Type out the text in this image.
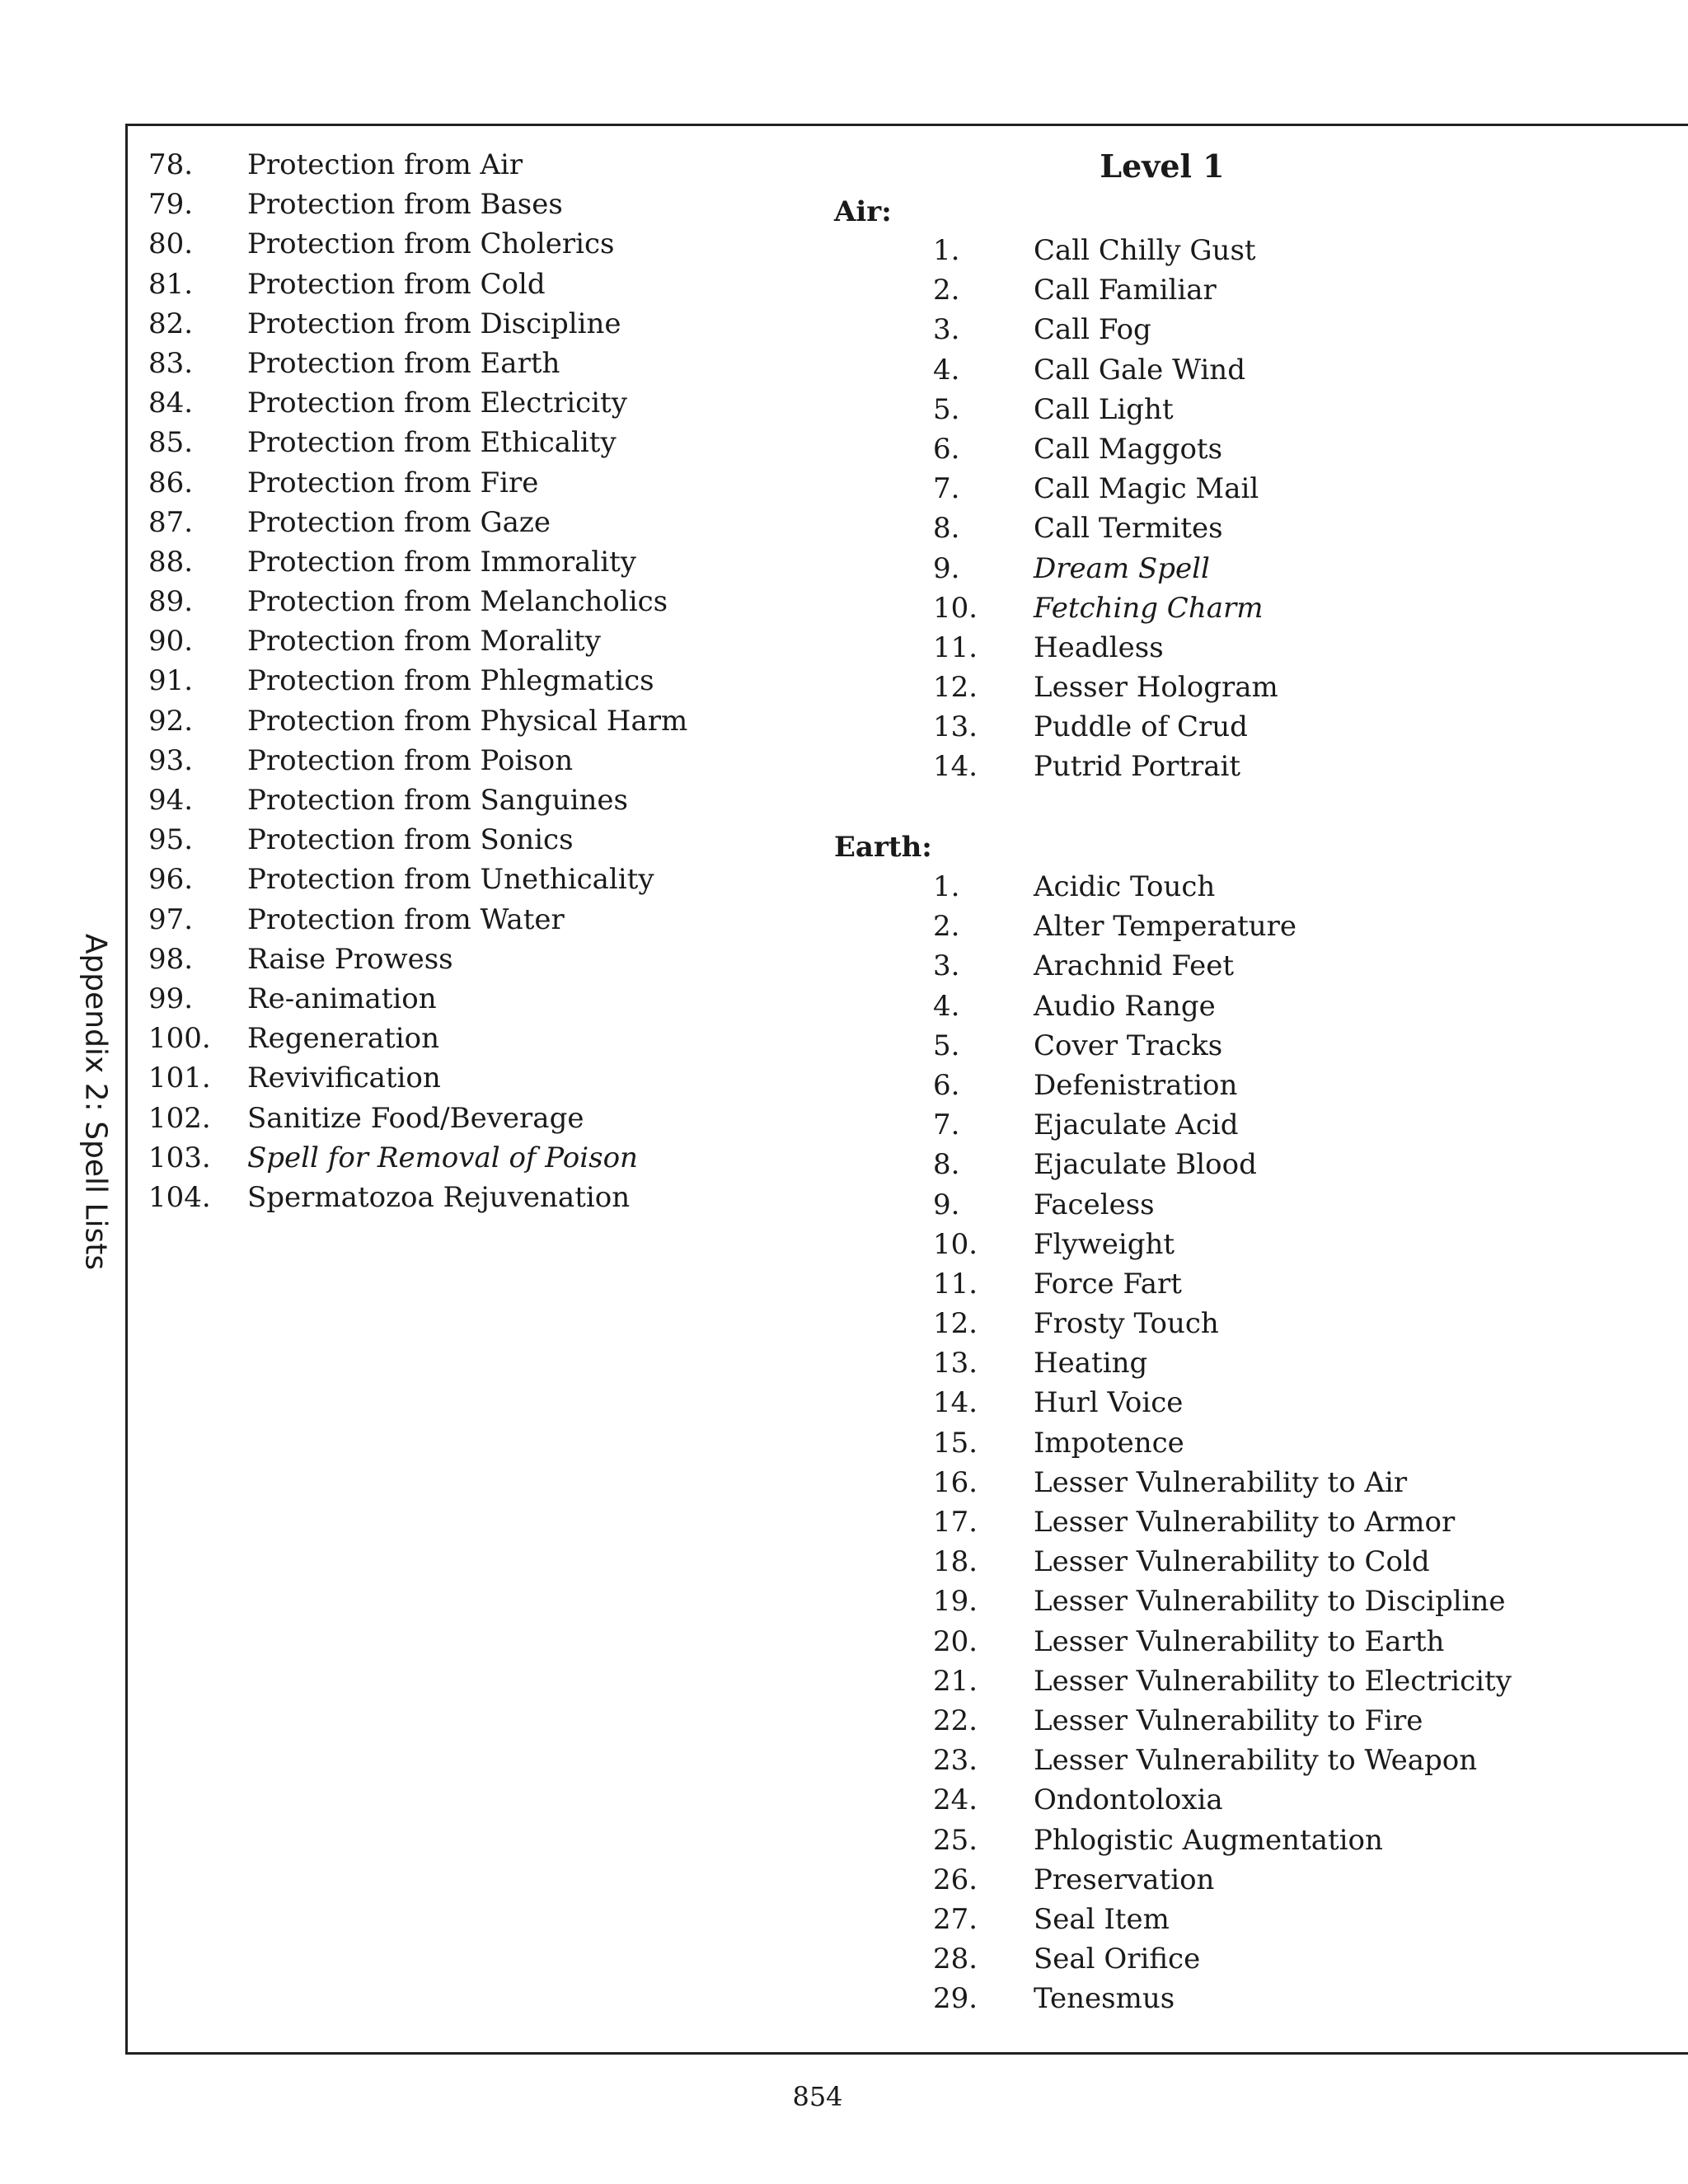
Appendix 2: Spell Lists
78. Protection from Air
79. Protection from Bases
80. Protection from Cholerics
81. Protection from Cold
82. Protection from Discipline
83. Protection from Earth
84. Protection from Electricity
85. Protection from Ethicality
86. Protection from Fire
87. Protection from Gaze
88. Protection from Immorality
89. Protection from Melancholics
90. Protection from Morality
91. Protection from Phlegmatics
92. Protection from Physical Harm
93. Protection from Poison
94. Protection from Sanguines
95. Protection from Sonics
96. Protection from Unethicality
97. Protection from Water
98. Raise Prowess
99. Re-animation
100. Regeneration
101. Revivification
102. Sanitize Food/Beverage
103. Spell for Removal of Poison
104. Spermatozoa Rejuvenation
Level 1
Air:
1.	Call Chilly Gust
2.	Call Familiar
3.	Call Fog
4.	Call Gale Wind
5.	Call Light
6.	Call Maggots
7.	Call Magic Mail
8.	Call Termites
9.	Dream Spell
10. Fetching Charm
11. Headless
12. Lesser Hologram
13. Puddle of Crud
14. Putrid Portrait
Earth:
1.	Acidic Touch
2.	Alter Temperature
3.	Arachnid Feet
4.	Audio Range
5.	Cover Tracks
6.	Defenistration
7.	Ejaculate Acid
8.	Ejaculate Blood
9.	Faceless
10. Flyweight
11. Force Fart
12. Frosty Touch
13. Heating
14. Hurl Voice
15. Impotence
16. Lesser Vulnerability to Air
17. Lesser Vulnerability to Armor
18. Lesser Vulnerability to Cold
19. Lesser Vulnerability to Discipline
20. Lesser Vulnerability to Earth
21. Lesser Vulnerability to Electricity
22. Lesser Vulnerability to Fire
23. Lesser Vulnerability to Weapon
24. Ondontoloxia
25. Phlogistic Augmentation
26. Preservation
27. Seal Item
28. Seal Orifice
29. Tenesmus
854
